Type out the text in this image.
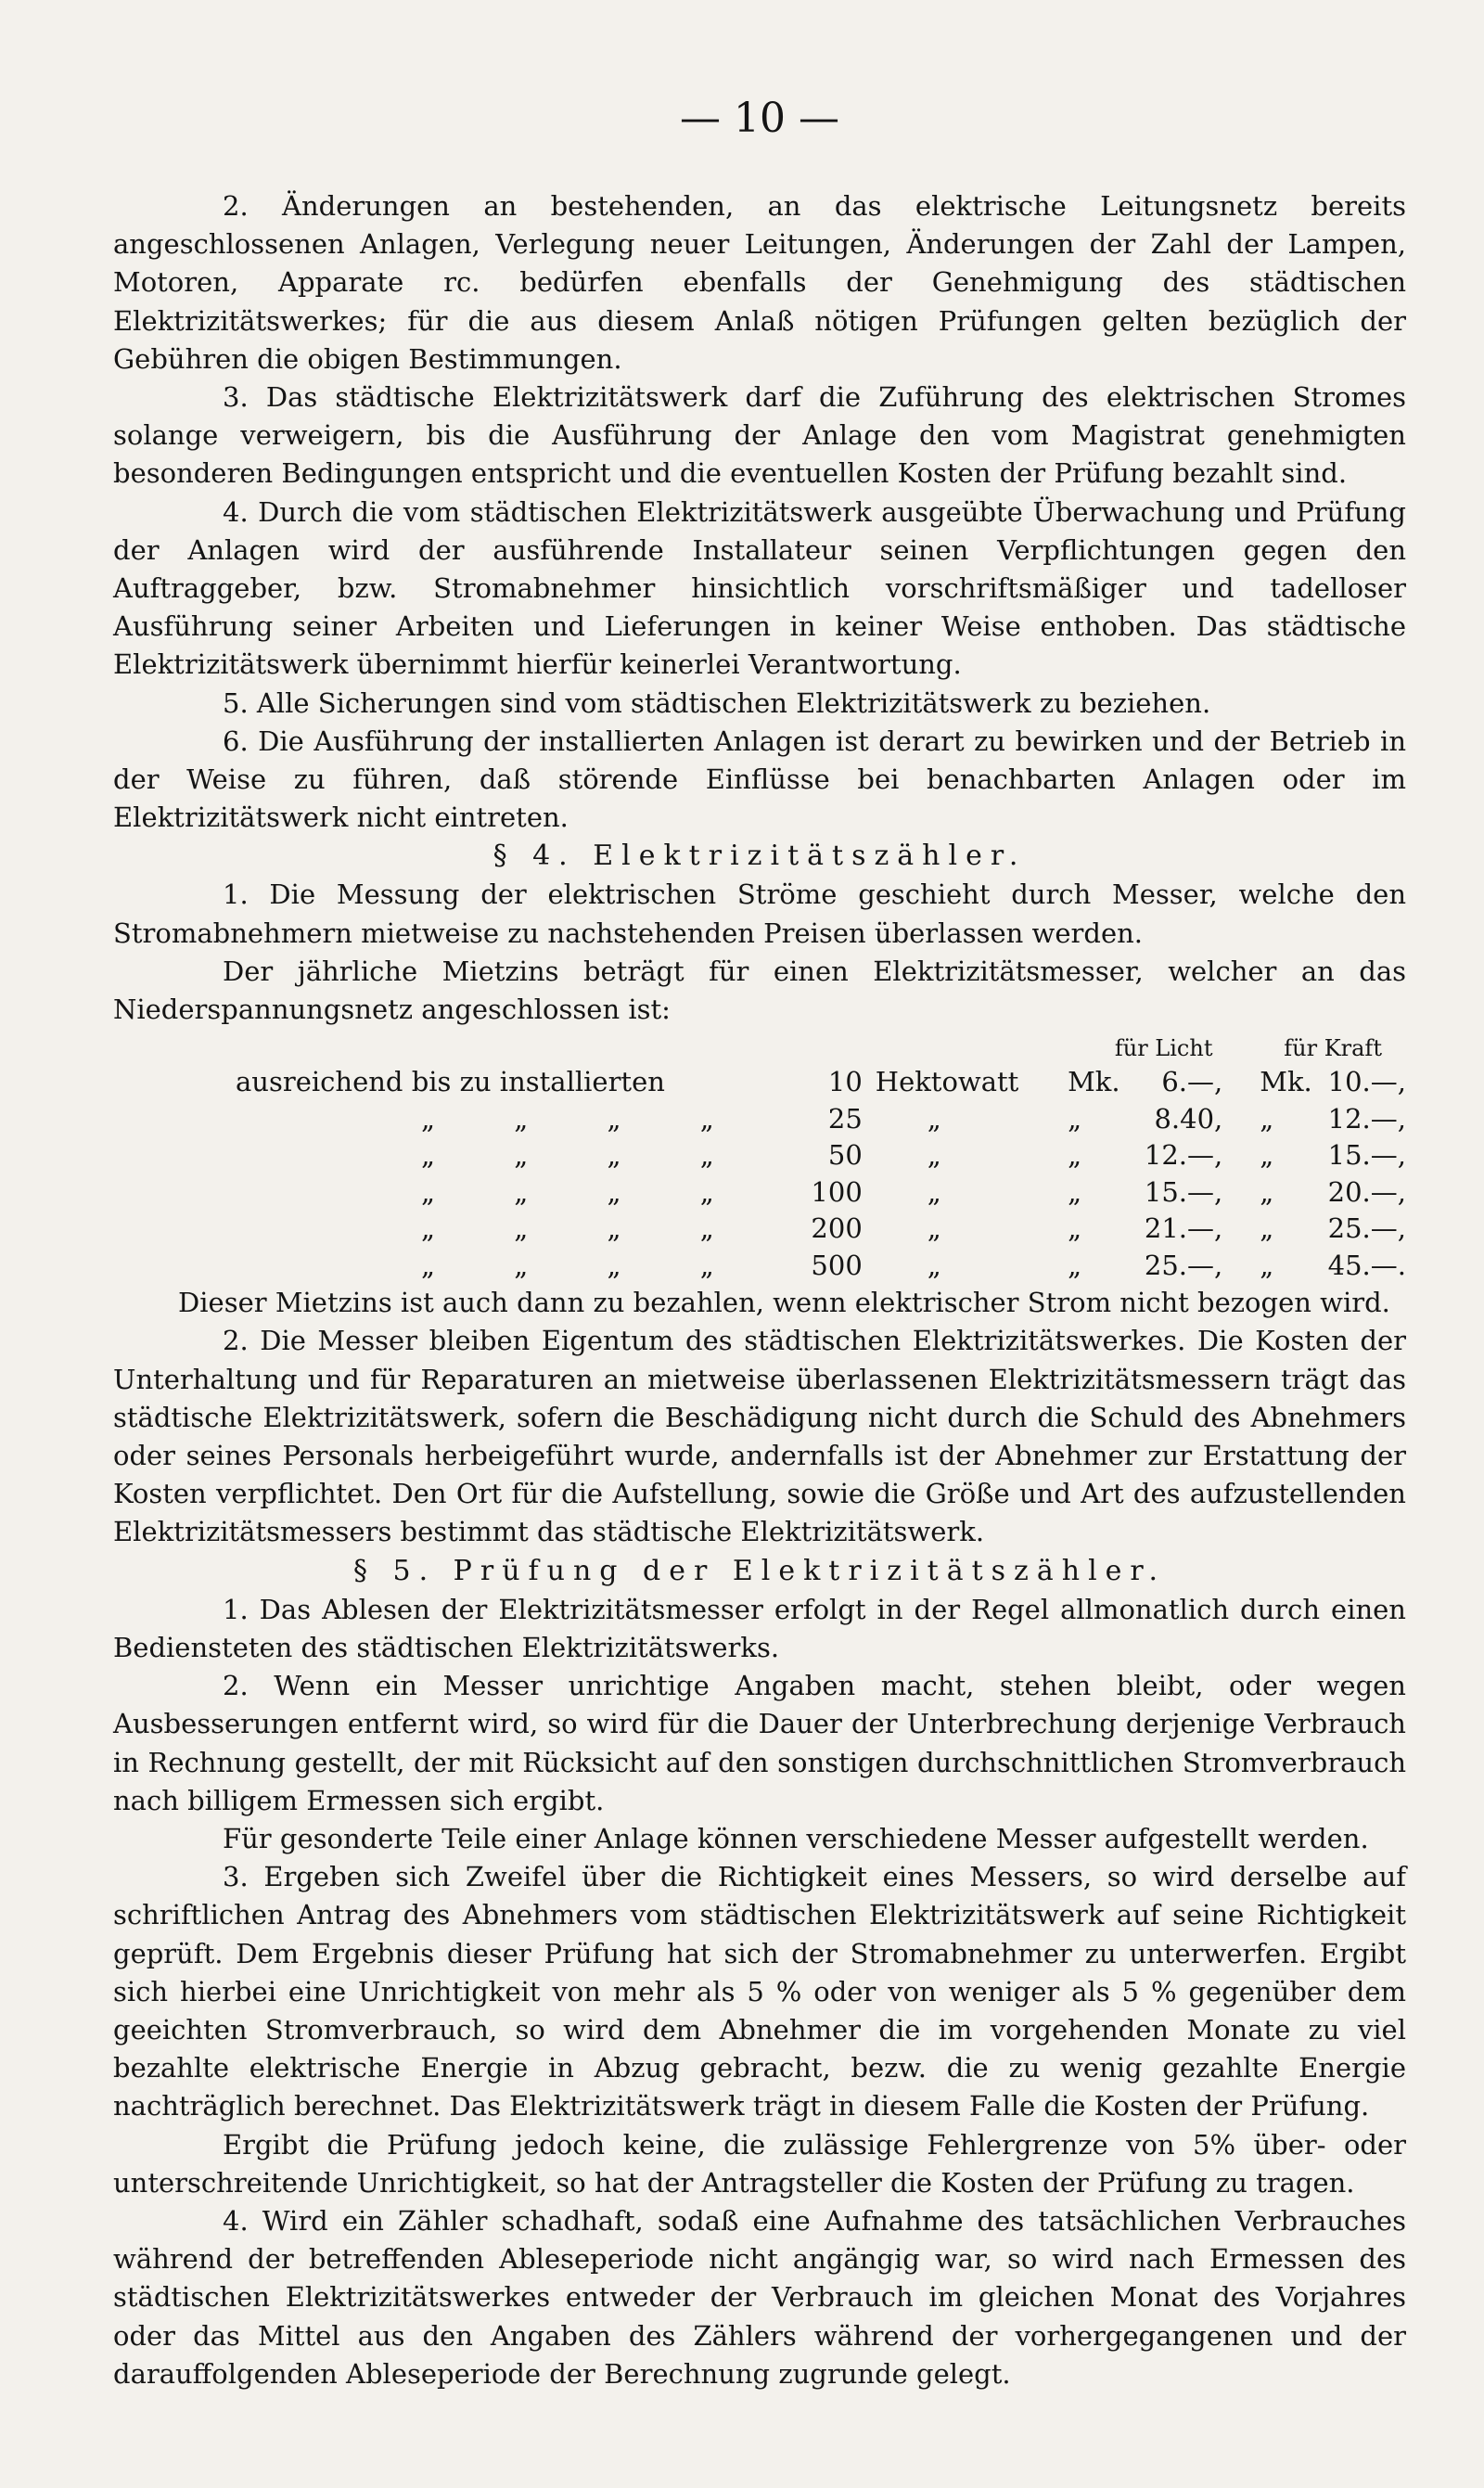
— 10 —

2. Änderungen an bestehenden, an das elektrische Leitungsnetz bereits angeschlossenen Anlagen, Verlegung neuer Leitungen, Änderungen der Zahl der Lampen, Motoren, Apparate rc. bedürfen ebenfalls der Genehmigung des städtischen Elektrizitätswerkes; für die aus diesem Anlaß nötigen Prüfungen gelten bezüglich der Gebühren die obigen Bestimmungen.

3. Das städtische Elektrizitätswerk darf die Zuführung des elektrischen Stromes solange verweigern, bis die Ausführung der Anlage den vom Magistrat genehmigten besonderen Bedingungen entspricht und die eventuellen Kosten der Prüfung bezahlt sind.

4. Durch die vom städtischen Elektrizitätswerk ausgeübte Überwachung und Prüfung der Anlagen wird der ausführende Installateur seinen Verpflichtungen gegen den Auftraggeber, bzw. Stromabnehmer hinsichtlich vorschriftsmäßiger und tadelloser Ausführung seiner Arbeiten und Lieferungen in keiner Weise enthoben. Das städtische Elektrizitätswerk übernimmt hierfür keinerlei Verantwortung.

5. Alle Sicherungen sind vom städtischen Elektrizitätswerk zu beziehen.

6. Die Ausführung der installierten Anlagen ist derart zu bewirken und der Betrieb in der Weise zu führen, daß störende Einflüsse bei benachbarten Anlagen oder im Elektrizitätswerk nicht eintreten.

§ 4. Elektrizitätszähler.

1. Die Messung der elektrischen Ströme geschieht durch Messer, welche den Stromabnehmern mietweise zu nachstehenden Preisen überlassen werden.

Der jährliche Mietzins beträgt für einen Elektrizitätsmesser, welcher an das Niederspannungsnetz angeschlossen ist:

			für Licht		für Kraft	
ausreichend bis zu installierten	10	Hektowatt	Mk.	6.—,	Mk.	10.—,
„ „ „ „	25	„	„	8.40,	„	12.—,
„ „ „ „	50	„	„	12.—,	„	15.—,
„ „ „ „	100	„	„	15.—,	„	20.—,
„ „ „ „	200	„	„	21.—,	„	25.—,
„ „ „ „	500	„	„	25.—,	„	45.—.

Dieser Mietzins ist auch dann zu bezahlen, wenn elektrischer Strom nicht bezogen wird.

2. Die Messer bleiben Eigentum des städtischen Elektrizitätswerkes. Die Kosten der Unterhaltung und für Reparaturen an mietweise überlassenen Elektrizitätsmessern trägt das städtische Elektrizitätswerk, sofern die Beschädigung nicht durch die Schuld des Abnehmers oder seines Personals herbeigeführt wurde, andernfalls ist der Abnehmer zur Erstattung der Kosten verpflichtet. Den Ort für die Aufstellung, sowie die Größe und Art des aufzustellenden Elektrizitätsmessers bestimmt das städtische Elektrizitätswerk.

§ 5. Prüfung der Elektrizitätszähler.

1. Das Ablesen der Elektrizitätsmesser erfolgt in der Regel allmonatlich durch einen Bediensteten des städtischen Elektrizitätswerks.

2. Wenn ein Messer unrichtige Angaben macht, stehen bleibt, oder wegen Ausbesserungen entfernt wird, so wird für die Dauer der Unterbrechung derjenige Verbrauch in Rechnung gestellt, der mit Rücksicht auf den sonstigen durchschnittlichen Stromverbrauch nach billigem Ermessen sich ergibt.

Für gesonderte Teile einer Anlage können verschiedene Messer aufgestellt werden.

3. Ergeben sich Zweifel über die Richtigkeit eines Messers, so wird derselbe auf schriftlichen Antrag des Abnehmers vom städtischen Elektrizitätswerk auf seine Richtigkeit geprüft. Dem Ergebnis dieser Prüfung hat sich der Stromabnehmer zu unterwerfen. Ergibt sich hierbei eine Unrichtigkeit von mehr als 5 % oder von weniger als 5 % gegenüber dem geeichten Stromverbrauch, so wird dem Abnehmer die im vorgehenden Monate zu viel bezahlte elektrische Energie in Abzug gebracht, bezw. die zu wenig gezahlte Energie nachträglich berechnet. Das Elektrizitätswerk trägt in diesem Falle die Kosten der Prüfung.

Ergibt die Prüfung jedoch keine, die zulässige Fehlergrenze von 5% über- oder unterschreitende Unrichtigkeit, so hat der Antragsteller die Kosten der Prüfung zu tragen.

4. Wird ein Zähler schadhaft, sodaß eine Aufnahme des tatsächlichen Verbrauches während der betreffenden Ableseperiode nicht angängig war, so wird nach Ermessen des städtischen Elektrizitätswerkes entweder der Verbrauch im gleichen Monat des Vorjahres oder das Mittel aus den Angaben des Zählers während der vorhergegangenen und der darauffolgenden Ableseperiode der Berechnung zugrunde gelegt.
